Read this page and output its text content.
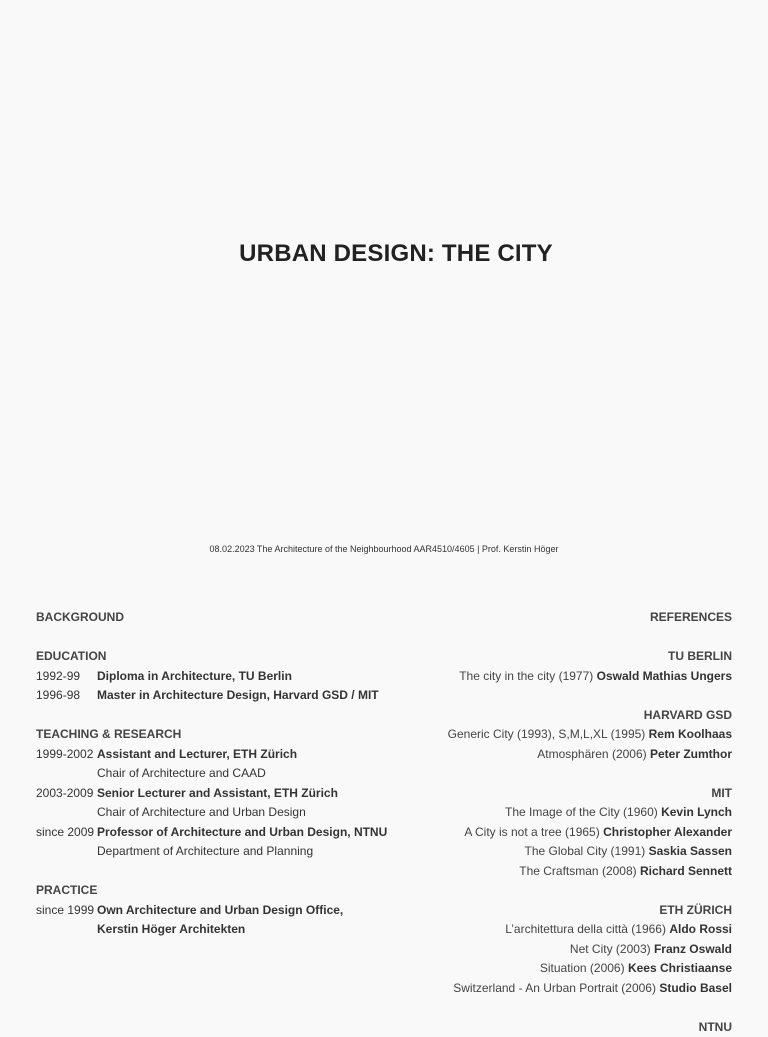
URBAN DESIGN: THE CITY
08.02.2023 The Architecture of the Neighbourhood AAR4510/4605 | Prof. Kerstin Höger
BACKGROUND
EDUCATION
1992-99	Diploma in Architecture, TU Berlin
1996-98	Master in Architecture Design, Harvard GSD / MIT
TEACHING & RESEARCH
1999-2002 Assistant and Lecturer, ETH Zürich
Chair of Architecture and CAAD
2003-2009 Senior Lecturer and Assistant, ETH Zürich
Chair of Architecture and Urban Design
since 2009 Professor of Architecture and Urban Design, NTNU
Department of Architecture and Planning
PRACTICE
since 1999 Own Architecture and Urban Design Office,
Kerstin Höger Architekten
REFERENCES
TU BERLIN
The city in the city (1977) Oswald Mathias Ungers
HARVARD GSD
Generic City (1993), S,M,L,XL (1995) Rem Koolhaas
Atmosphären (2006) Peter Zumthor
MIT
The Image of the City (1960) Kevin Lynch
A City is not a tree (1965) Christopher Alexander
The Global City (1991) Saskia Sassen
The Craftsman (2008) Richard Sennett
ETH ZÜRICH
L’architettura della città (1966) Aldo Rossi
Net City (2003) Franz Oswald
Situation (2006) Kees Christiaanse
Switzerland - An Urban Portrait (2006) Studio Basel
NTNU
